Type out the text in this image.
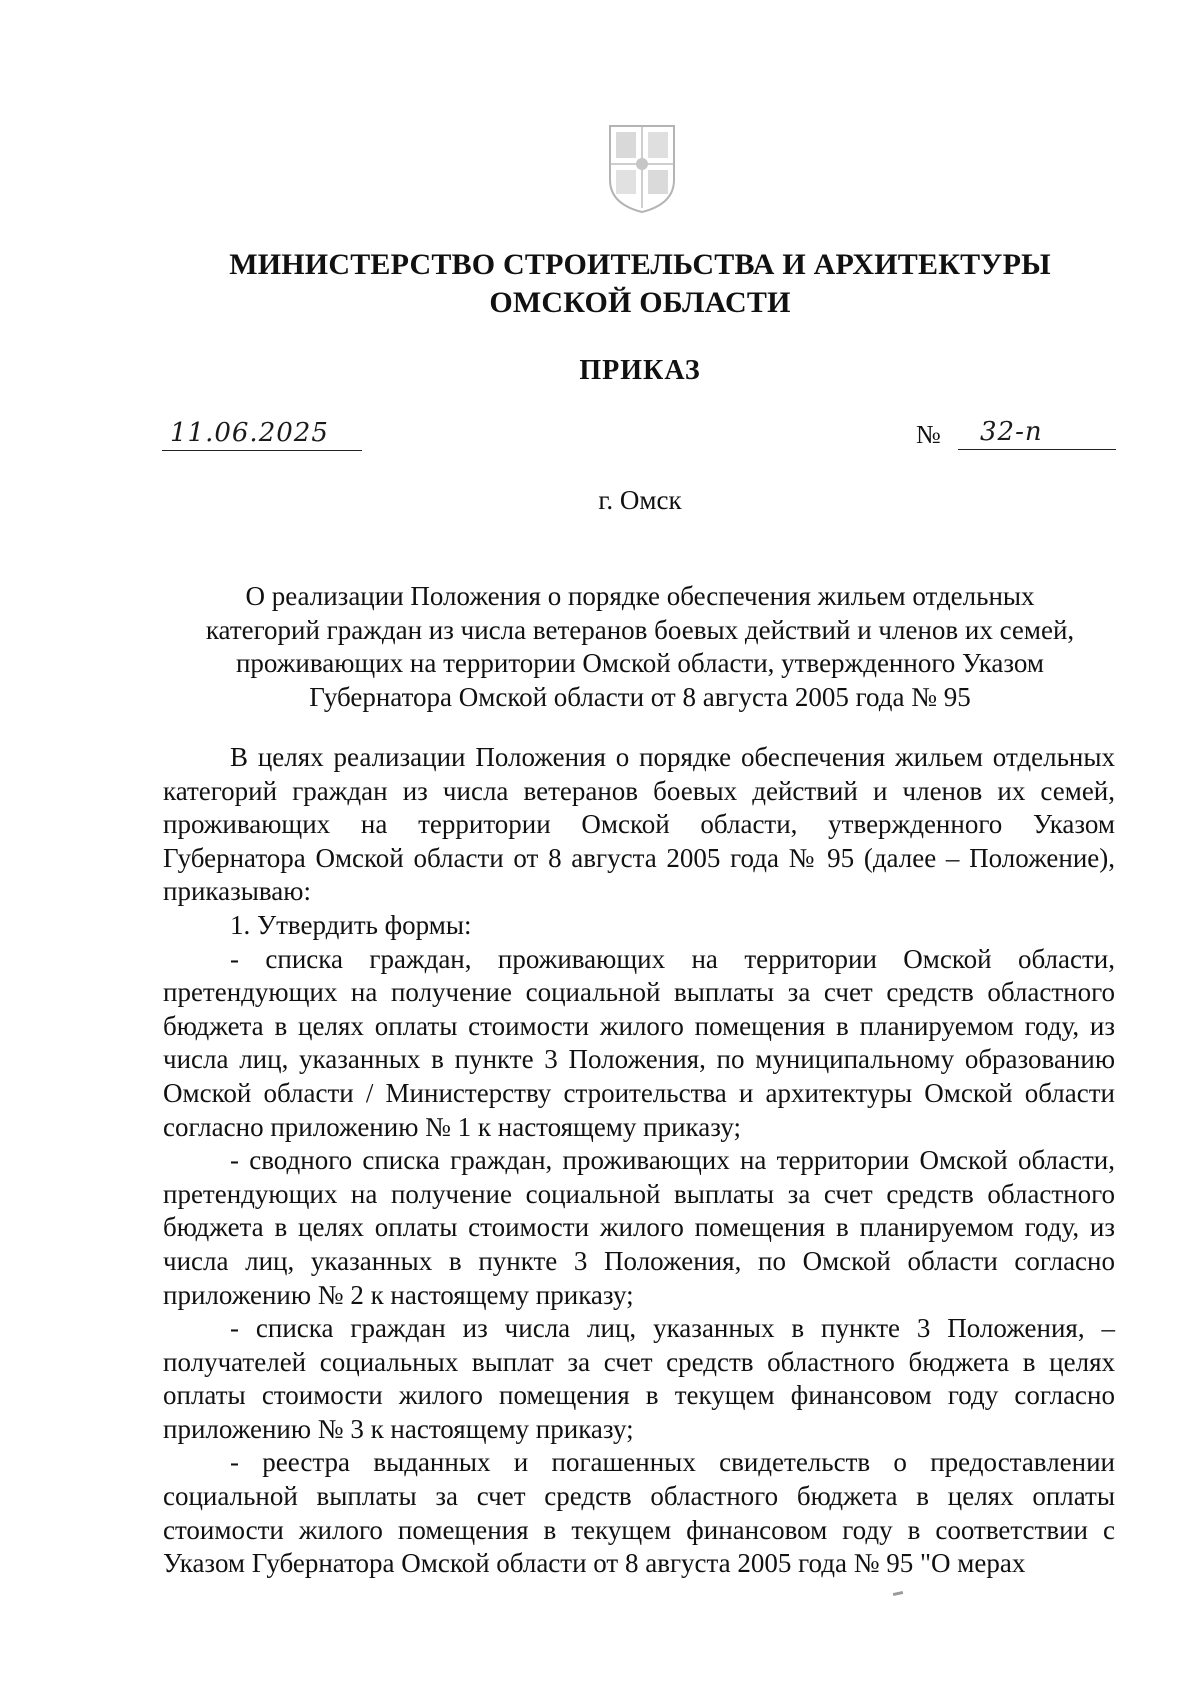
МИНИСТЕРСТВО СТРОИТЕЛЬСТВА И АРХИТЕКТУРЫ
ОМСКОЙ ОБЛАСТИ
ПРИКАЗ
11.06.2025	№ 32-п
г. Омск
О реализации Положения о порядке обеспечения жильем отдельных
категорий граждан из числа ветеранов боевых действий и членов их семей,
проживающих на территории Омской области, утвержденного Указом
Губернатора Омской области от 8 августа 2005 года № 95

В целях реализации Положения о порядке обеспечения жильем отдельных категорий граждан из числа ветеранов боевых действий и членов их семей, проживающих на территории Омской области, утвержденного Указом Губернатора Омской области от 8 августа 2005 года № 95 (далее – Положение), приказываю:

1. Утвердить формы:

- списка граждан, проживающих на территории Омской области, претендующих на получение социальной выплаты за счет средств областного бюджета в целях оплаты стоимости жилого помещения в планируемом году, из числа лиц, указанных в пункте 3 Положения, по муниципальному образованию Омской области / Министерству строительства и архитектуры Омской области согласно приложению № 1 к настоящему приказу;

- сводного списка граждан, проживающих на территории Омской области, претендующих на получение социальной выплаты за счет средств областного бюджета в целях оплаты стоимости жилого помещения в планируемом году, из числа лиц, указанных в пункте 3 Положения, по Омской области согласно приложению № 2 к настоящему приказу;

- списка граждан из числа лиц, указанных в пункте 3 Положения, – получателей социальных выплат за счет средств областного бюджета в целях оплаты стоимости жилого помещения в текущем финансовом году согласно приложению № 3 к настоящему приказу;

- реестра выданных и погашенных свидетельств о предоставлении социальной выплаты за счет средств областного бюджета в целях оплаты стоимости жилого помещения в текущем финансовом году в соответствии с Указом Губернатора Омской области от 8 августа 2005 года № 95 "О мерах
